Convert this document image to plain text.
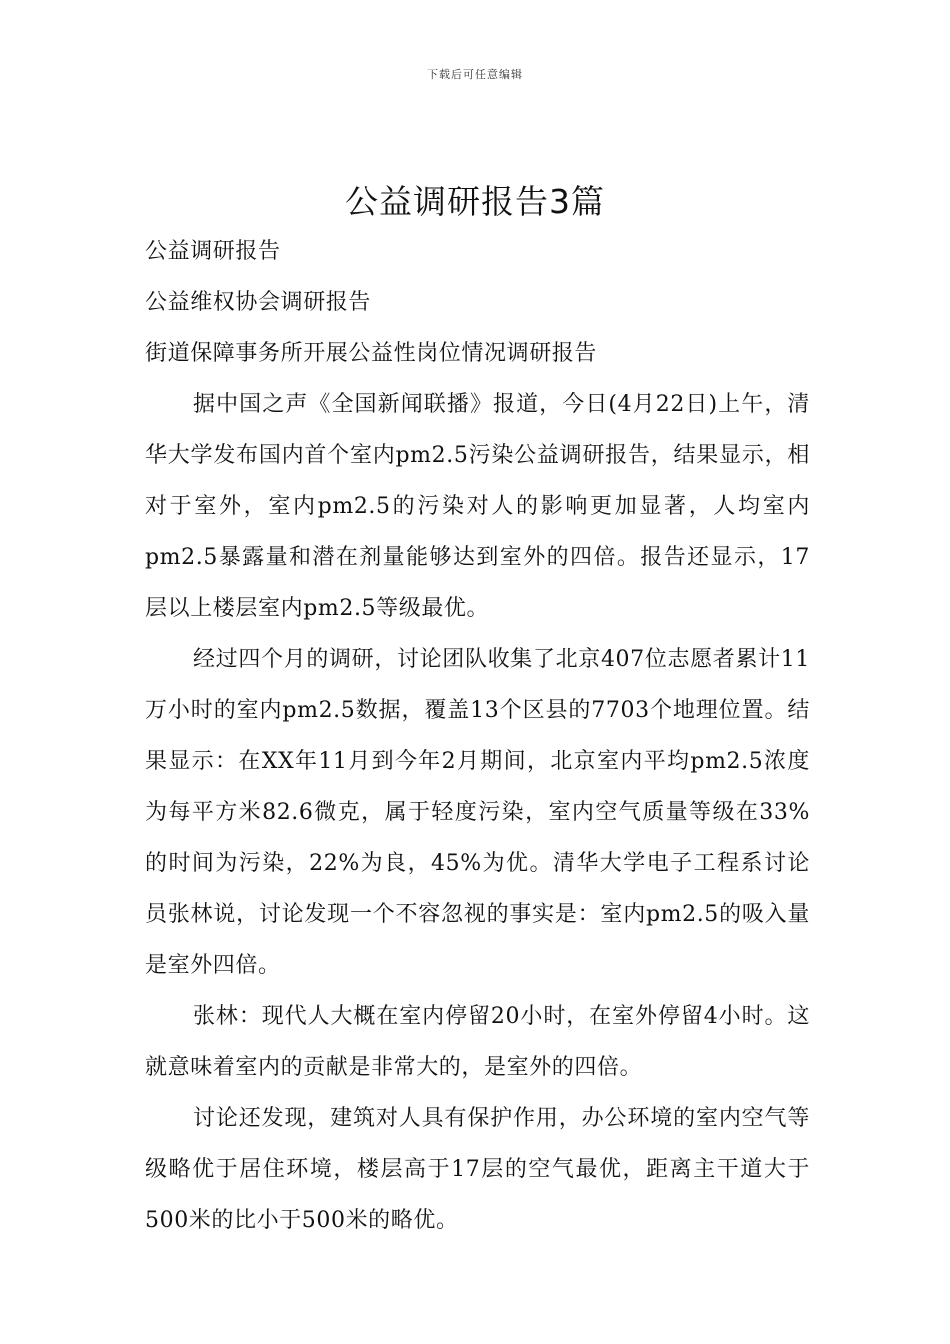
下载后可任意编辑
公益调研报告3篇

公益调研报告

公益维权协会调研报告

街道保障事务所开展公益性岗位情况调研报告

据中国之声《全国新闻联播》报道，今日(4月22日)上午，清华大学发布国内首个室内pm2.5污染公益调研报告，结果显示，相对于室外，室内pm2.5的污染对人的影响更加显著，人均室内pm2.5暴露量和潜在剂量能够达到室外的四倍。报告还显示，17层以上楼层室内pm2.5等级最优。

经过四个月的调研，讨论团队收集了北京407位志愿者累计11万小时的室内pm2.5数据，覆盖13个区县的7703个地理位置。结果显示：在XX年11月到今年2月期间，北京室内平均pm2.5浓度为每平方米82.6微克，属于轻度污染，室内空气质量等级在33%的时间为污染，22%为良，45%为优。清华大学电子工程系讨论员张林说，讨论发现一个不容忽视的事实是：室内pm2.5的吸入量是室外四倍。

张林：现代人大概在室内停留20小时，在室外停留4小时。这就意味着室内的贡献是非常大的，是室外的四倍。

讨论还发现，建筑对人具有保护作用，办公环境的室内空气等级略优于居住环境，楼层高于17层的空气最优，距离主干道大于500米的比小于500米的略优。
